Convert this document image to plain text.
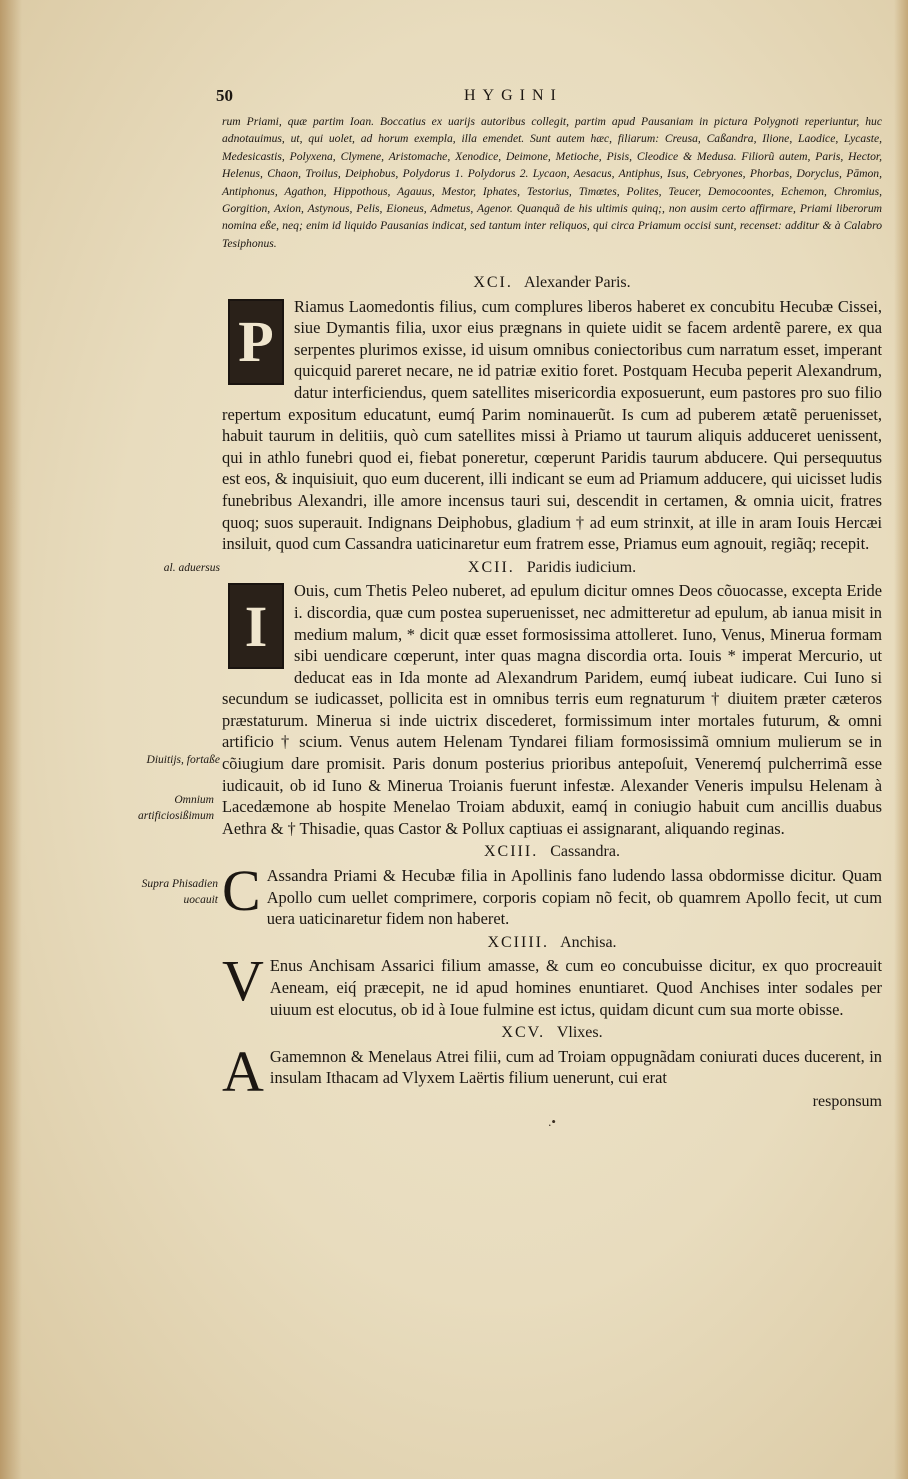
50	HYGINI
rum Priami, quæ partim Ioan. Boccatius ex uarijs autoribus collegit, partim apud Pausaniam in pictura Polygnoti reperiuntur, huc adnotauimus, ut, qui uolet, ad horum exempla, illa emendet. Sunt autem hæc, filiarum: Creusa, Caßandra, Ilione, Laodice, Lycaste, Medesicastis, Polyxena, Clymene, Aristomache, Xenodice, Deimone, Metioche, Pisis, Cleodice & Medusa. Filiorũ autem, Paris, Hector, Helenus, Chaon, Troilus, Deiphobus, Polydorus 1. Polydorus 2. Lycaon, Aesacus, Antiphus, Isus, Cebryones, Phorbas, Doryclus, Pāmon, Antiphonus, Agathon, Hippothous, Agauus, Mestor, Iphates, Testorius, Timœtes, Polites, Teucer, Democoontes, Echemon, Chromius, Gorgition, Axion, Astynous, Pelis, Eioneus, Admetus, Agenor. Quanquã de his ultimis quinq;, non ausim certo affirmare, Priami liberorum nomina eße, neq; enim id liquido Pausanias indicat, sed tantum inter reliquos, qui circa Priamum occisi sunt, recenset: additur & à Calabro Tesiphonus.
XCI. Alexander Paris.
P
Riamus Laomedontis filius, cum complures liberos haberet ex concubitu Hecubæ Cissei, siue Dymantis filia, uxor eius prægnans in quiete uidit se facem ardentẽ parere, ex qua serpentes plurimos exisse, id uisum omnibus coniectoribus cum narratum esset, imperant quicquid pareret necare, ne id patriæ exitio foret. Postquam Hecuba peperit Alexandrum, datur interficiendus, quem satellites misericordia exposuerunt, eum pastores pro suo filio repertum expositum educatunt, eumq́ Parim nominauerũt. Is cum ad puberem ætatẽ peruenisset, habuit taurum in delitiis, quò cum satellites missi à Priamo ut taurum aliquis adduceret uenissent, qui in athlo funebri quod ei, fiebat poneretur, cœperunt Paridis taurum abducere. Qui persequutus est eos, & inquisiuit, quo eum ducerent, illi indicant se eum ad Priamum adducere, qui uicisset ludis funebribus Alexandri, ille amore incensus tauri sui, descendit in certamen, & omnia uicit, fratres quoq; suos superauit. Indignans Deiphobus, gladium † ad eum strinxit, at ille in aram Iouis Hercæi insiluit, quod cum Cassandra uaticinaretur eum fratrem esse, Priamus eum agnouit, regiãq; recepit.
XCII. Paridis iudicium.
I
Ouis, cum Thetis Peleo nuberet, ad epulum dicitur omnes Deos cõuocasse, excepta Eride i. discordia, quæ cum postea superuenisset, nec admitteretur ad epulum, ab ianua misit in medium malum, * dicit quæ esset formosissima attolleret. Iuno, Venus, Minerua formam sibi uendicare cœperunt, inter quas magna discordia orta. Iouis * imperat Mercurio, ut deducat eas in Ida monte ad Alexandrum Paridem, eumq́ iubeat iudicare. Cui Iuno si secundum se iudicasset, pollicita est in omnibus terris eum regnaturum † diuitem præter cæteros præstaturum. Minerua si inde uictrix discederet, formissimum inter mortales futurum, & omni artificio † scium. Venus autem Helenam Tyndarei filiam formosissimã omnium mulierum se in cõiugium dare promisit. Paris donum posterius prioribus antepoſuit, Veneremq́ pulcherrimã esse iudicauit, ob id Iuno & Minerua Troianis fuerunt infestæ. Alexander Veneris impulsu Helenam à Lacedæmone ab hospite Menelao Troiam abduxit, eamq́ in coniugio habuit cum ancillis duabus Aethra & † Thisadie, quas Castor & Pollux captiuas ei assignarant, aliquando reginas.
XCIII. Cassandra.
C Assandra Priami & Hecubæ filia in Apollinis fano ludendo lassa obdormisse dicitur. Quam Apollo cum uellet comprimere, corporis copiam nõ fecit, ob quamrem Apollo fecit, ut cum uera uaticinaretur fidem non haberet.
XCIIII. Anchisa.
V Enus Anchisam Assarici filium amasse, & cum eo concubuisse dicitur, ex quo procreauit Aeneam, eiq́ præcepit, ne id apud homines enuntiaret. Quod Anchises inter sodales per uiuum est elocutus, ob id à Ioue fulmine est ictus, quidam dicunt cum sua morte obisse.
XCV. Vlixes.
A Gamemnon & Menelaus Atrei filii, cum ad Troiam oppugnãdam coniurati duces ducerent, in insulam Ithacam ad Vlyxem Laërtis filium uenerunt, cui erat
responsum
.•
al. aduersus
Diuitijs, fortaße
Omnium artificiosißimum
Supra Phisadien uocauit
